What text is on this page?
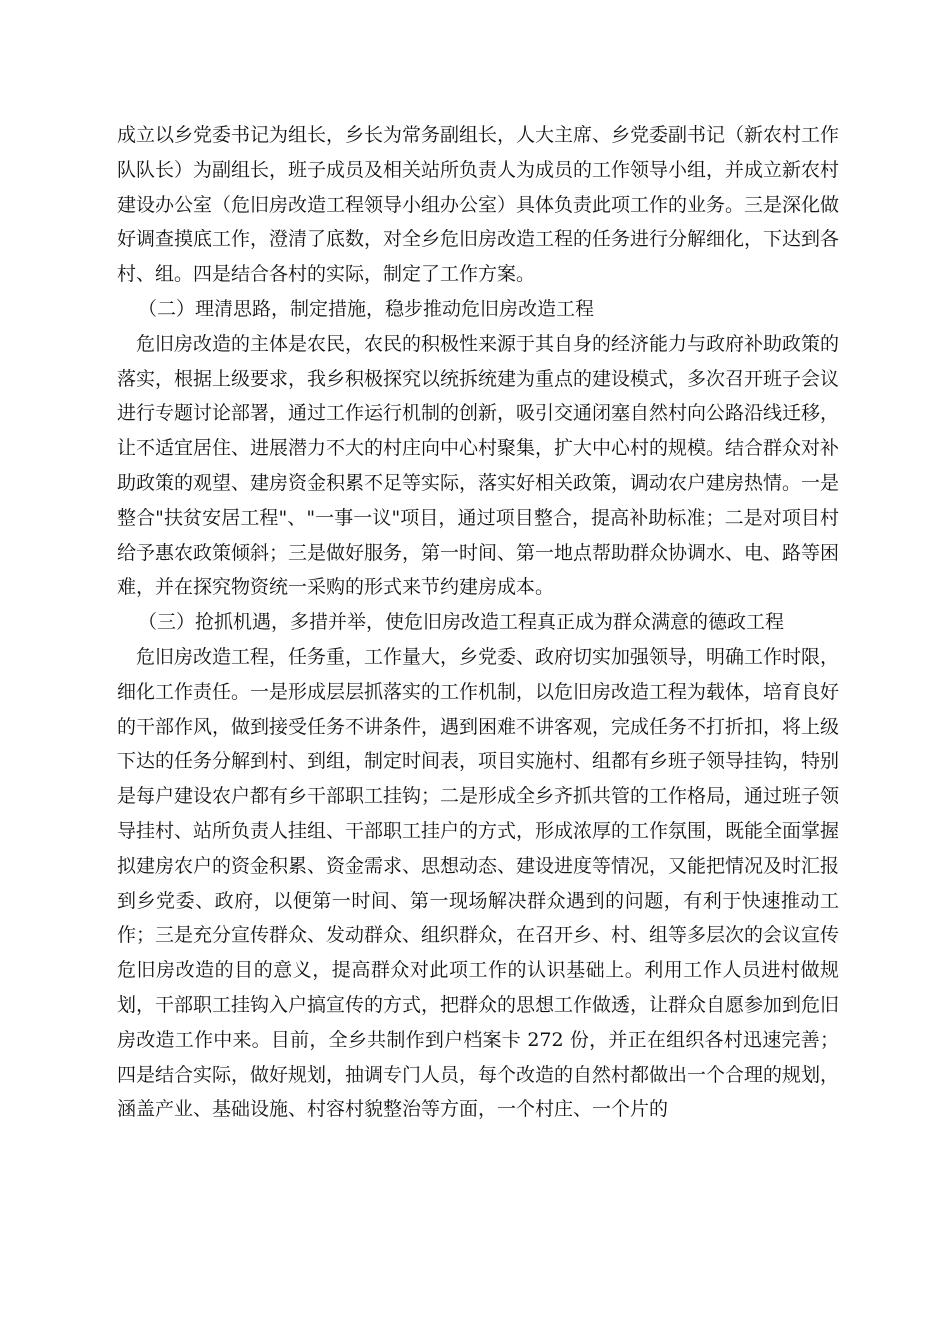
成立以乡党委书记为组长，乡长为常务副组长，人大主席、乡党委副书记（新农村工作队队长）为副组长，班子成员及相关站所负责人为成员的工作领导小组，并成立新农村建设办公室（危旧房改造工程领导小组办公室）具体负责此项工作的业务。三是深化做好调查摸底工作，澄清了底数，对全乡危旧房改造工程的任务进行分解细化，下达到各村、组。四是结合各村的实际，制定了工作方案。

（二）理清思路，制定措施，稳步推动危旧房改造工程

危旧房改造的主体是农民，农民的积极性来源于其自身的经济能力与政府补助政策的落实，根据上级要求，我乡积极探究以统拆统建为重点的建设模式，多次召开班子会议进行专题讨论部署，通过工作运行机制的创新，吸引交通闭塞自然村向公路沿线迁移，让不适宜居住、进展潜力不大的村庄向中心村聚集，扩大中心村的规模。结合群众对补助政策的观望、建房资金积累不足等实际，落实好相关政策，调动农户建房热情。一是整合"扶贫安居工程"、"一事一议"项目，通过项目整合，提高补助标准；二是对项目村给予惠农政策倾斜；三是做好服务，第一时间、第一地点帮助群众协调水、电、路等困难，并在探究物资统一采购的形式来节约建房成本。

（三）抢抓机遇，多措并举，使危旧房改造工程真正成为群众满意的德政工程

危旧房改造工程，任务重，工作量大，乡党委、政府切实加强领导，明确工作时限，细化工作责任。一是形成层层抓落实的工作机制，以危旧房改造工程为载体，培育良好的干部作风，做到接受任务不讲条件，遇到困难不讲客观，完成任务不打折扣，将上级下达的任务分解到村、到组，制定时间表，项目实施村、组都有乡班子领导挂钩，特别是每户建设农户都有乡干部职工挂钩；二是形成全乡齐抓共管的工作格局，通过班子领导挂村、站所负责人挂组、干部职工挂户的方式，形成浓厚的工作氛围，既能全面掌握拟建房农户的资金积累、资金需求、思想动态、建设进度等情况，又能把情况及时汇报到乡党委、政府，以便第一时间、第一现场解决群众遇到的问题，有利于快速推动工作；三是充分宣传群众、发动群众、组织群众，在召开乡、村、组等多层次的会议宣传危旧房改造的目的意义，提高群众对此项工作的认识基础上。利用工作人员进村做规划，干部职工挂钩入户搞宣传的方式，把群众的思想工作做透，让群众自愿参加到危旧房改造工作中来。目前，全乡共制作到户档案卡 272 份，并正在组织各村迅速完善；四是结合实际，做好规划，抽调专门人员，每个改造的自然村都做出一个合理的规划，涵盖产业、基础设施、村容村貌整治等方面，一个村庄、一个片的
